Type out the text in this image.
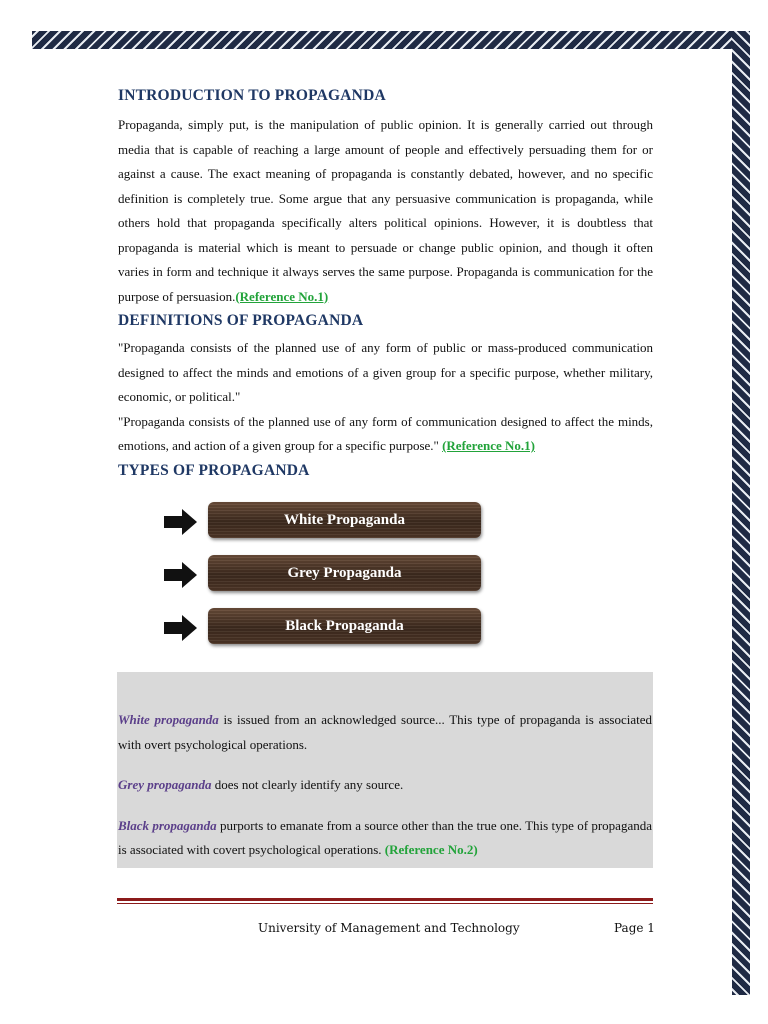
INTRODUCTION TO PROPAGANDA

Propaganda, simply put, is the manipulation of public opinion. It is generally carried out through media that is capable of reaching a large amount of people and effectively persuading them for or against a cause. The exact meaning of propaganda is constantly debated, however, and no specific definition is completely true. Some argue that any persuasive communication is propaganda, while others hold that propaganda specifically alters political opinions. However, it is doubtless that propaganda is material which is meant to persuade or change public opinion, and though it often varies in form and technique it always serves the same purpose. Propaganda is communication for the purpose of persuasion.(Reference No.1)

DEFINITIONS OF PROPAGANDA

"Propaganda consists of the planned use of any form of public or mass-produced communication designed to affect the minds and emotions of a given group for a specific purpose, whether military, economic, or political."

"Propaganda consists of the planned use of any form of communication designed to affect the minds, emotions, and action of a given group for a specific purpose." (Reference No.1)

TYPES OF PROPAGANDA
White Propaganda
Grey Propaganda
Black Propaganda

White propaganda is issued from an acknowledged source... This type of propaganda is associated with overt psychological operations.

Grey propaganda does not clearly identify any source.

Black propaganda purports to emanate from a source other than the true one. This type of propaganda is associated with covert psychological operations. (Reference No.2)

University of Management and Technology	Page 1
